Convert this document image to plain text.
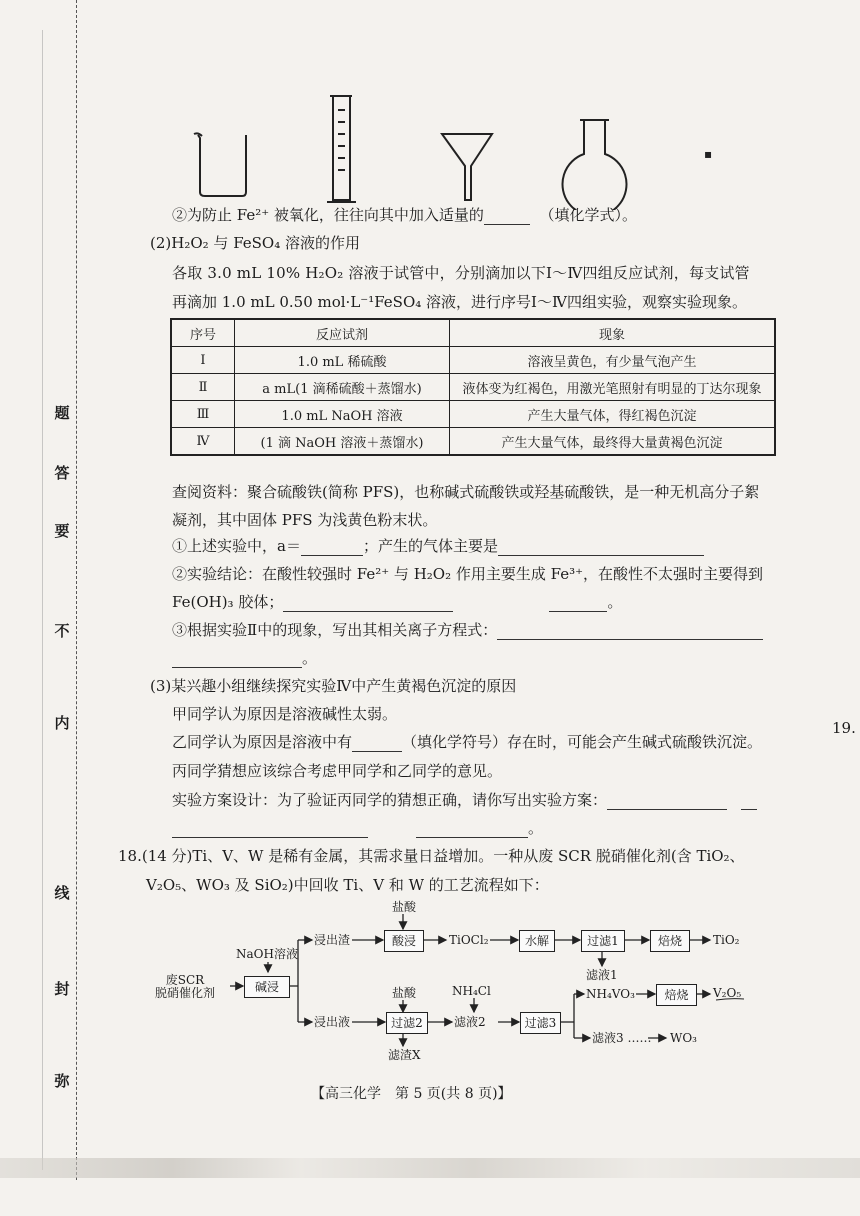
弥
封
线
内
不
要
答
题
19.
▪
②为防止 Fe²⁺ 被氧化，往往向其中加入适量的	（填化学式）。
(2)H₂O₂ 与 FeSO₄ 溶液的作用
各取 3.0 mL 10% H₂O₂ 溶液于试管中，分别滴加以下Ⅰ～Ⅳ四组反应试剂，每支试管
再滴加 1.0 mL 0.50 mol·L⁻¹FeSO₄ 溶液，进行序号Ⅰ～Ⅳ四组实验，观察实验现象。
序号	反应试剂	现象
Ⅰ	1.0 mL 稀硫酸	溶液呈黄色，有少量气泡产生
Ⅱ	a mL(1 滴稀硫酸＋蒸馏水)	液体变为红褐色，用激光笔照射有明显的丁达尔现象
Ⅲ	1.0 mL NaOH 溶液	产生大量气体，得红褐色沉淀
Ⅳ	(1 滴 NaOH 溶液＋蒸馏水)	产生大量气体，最终得大量黄褐色沉淀
查阅资料：聚合硫酸铁(简称 PFS)，也称碱式硫酸铁或羟基硫酸铁，是一种无机高分子絮
凝剂，其中固体 PFS 为浅黄色粉末状。
①上述实验中，a＝	；产生的气体主要是
②实验结论：在酸性较强时 Fe²⁺ 与 H₂O₂ 作用主要生成 Fe³⁺，在酸性不太强时主要得到
Fe(OH)₃ 胶体；	。
③根据实验Ⅱ中的现象，写出其相关离子方程式：
。
(3)某兴趣小组继续探究实验Ⅳ中产生黄褐色沉淀的原因
甲同学认为原因是溶液碱性太弱。
乙同学认为原因是溶液中有	（填化学符号）存在时，可能会产生碱式硫酸铁沉淀。
丙同学猜想应该综合考虑甲同学和乙同学的意见。
实验方案设计：为了验证丙同学的猜想正确，请你写出实验方案：
。
18.(14 分)Ti、V、W 是稀有金属，其需求量日益增加。一种从废 SCR 脱硝催化剂(含 TiO₂、
V₂O₅、WO₃ 及 SiO₂)中回收 Ti、V 和 W 的工艺流程如下：
废SCR
脱硝催化剂
NaOH溶液
碱浸
浸出渣
盐酸
酸浸	TiOCl₂	水解	过滤1
滤液1
焙烧	TiO₂
浸出液
盐酸
过滤2
滤渣X
NH₄Cl
滤液2	过滤3
NH₄VO₃	焙烧	V₂O₅
滤液3 …… WO₃
【高三化学　第 5 页(共 8 页)】
